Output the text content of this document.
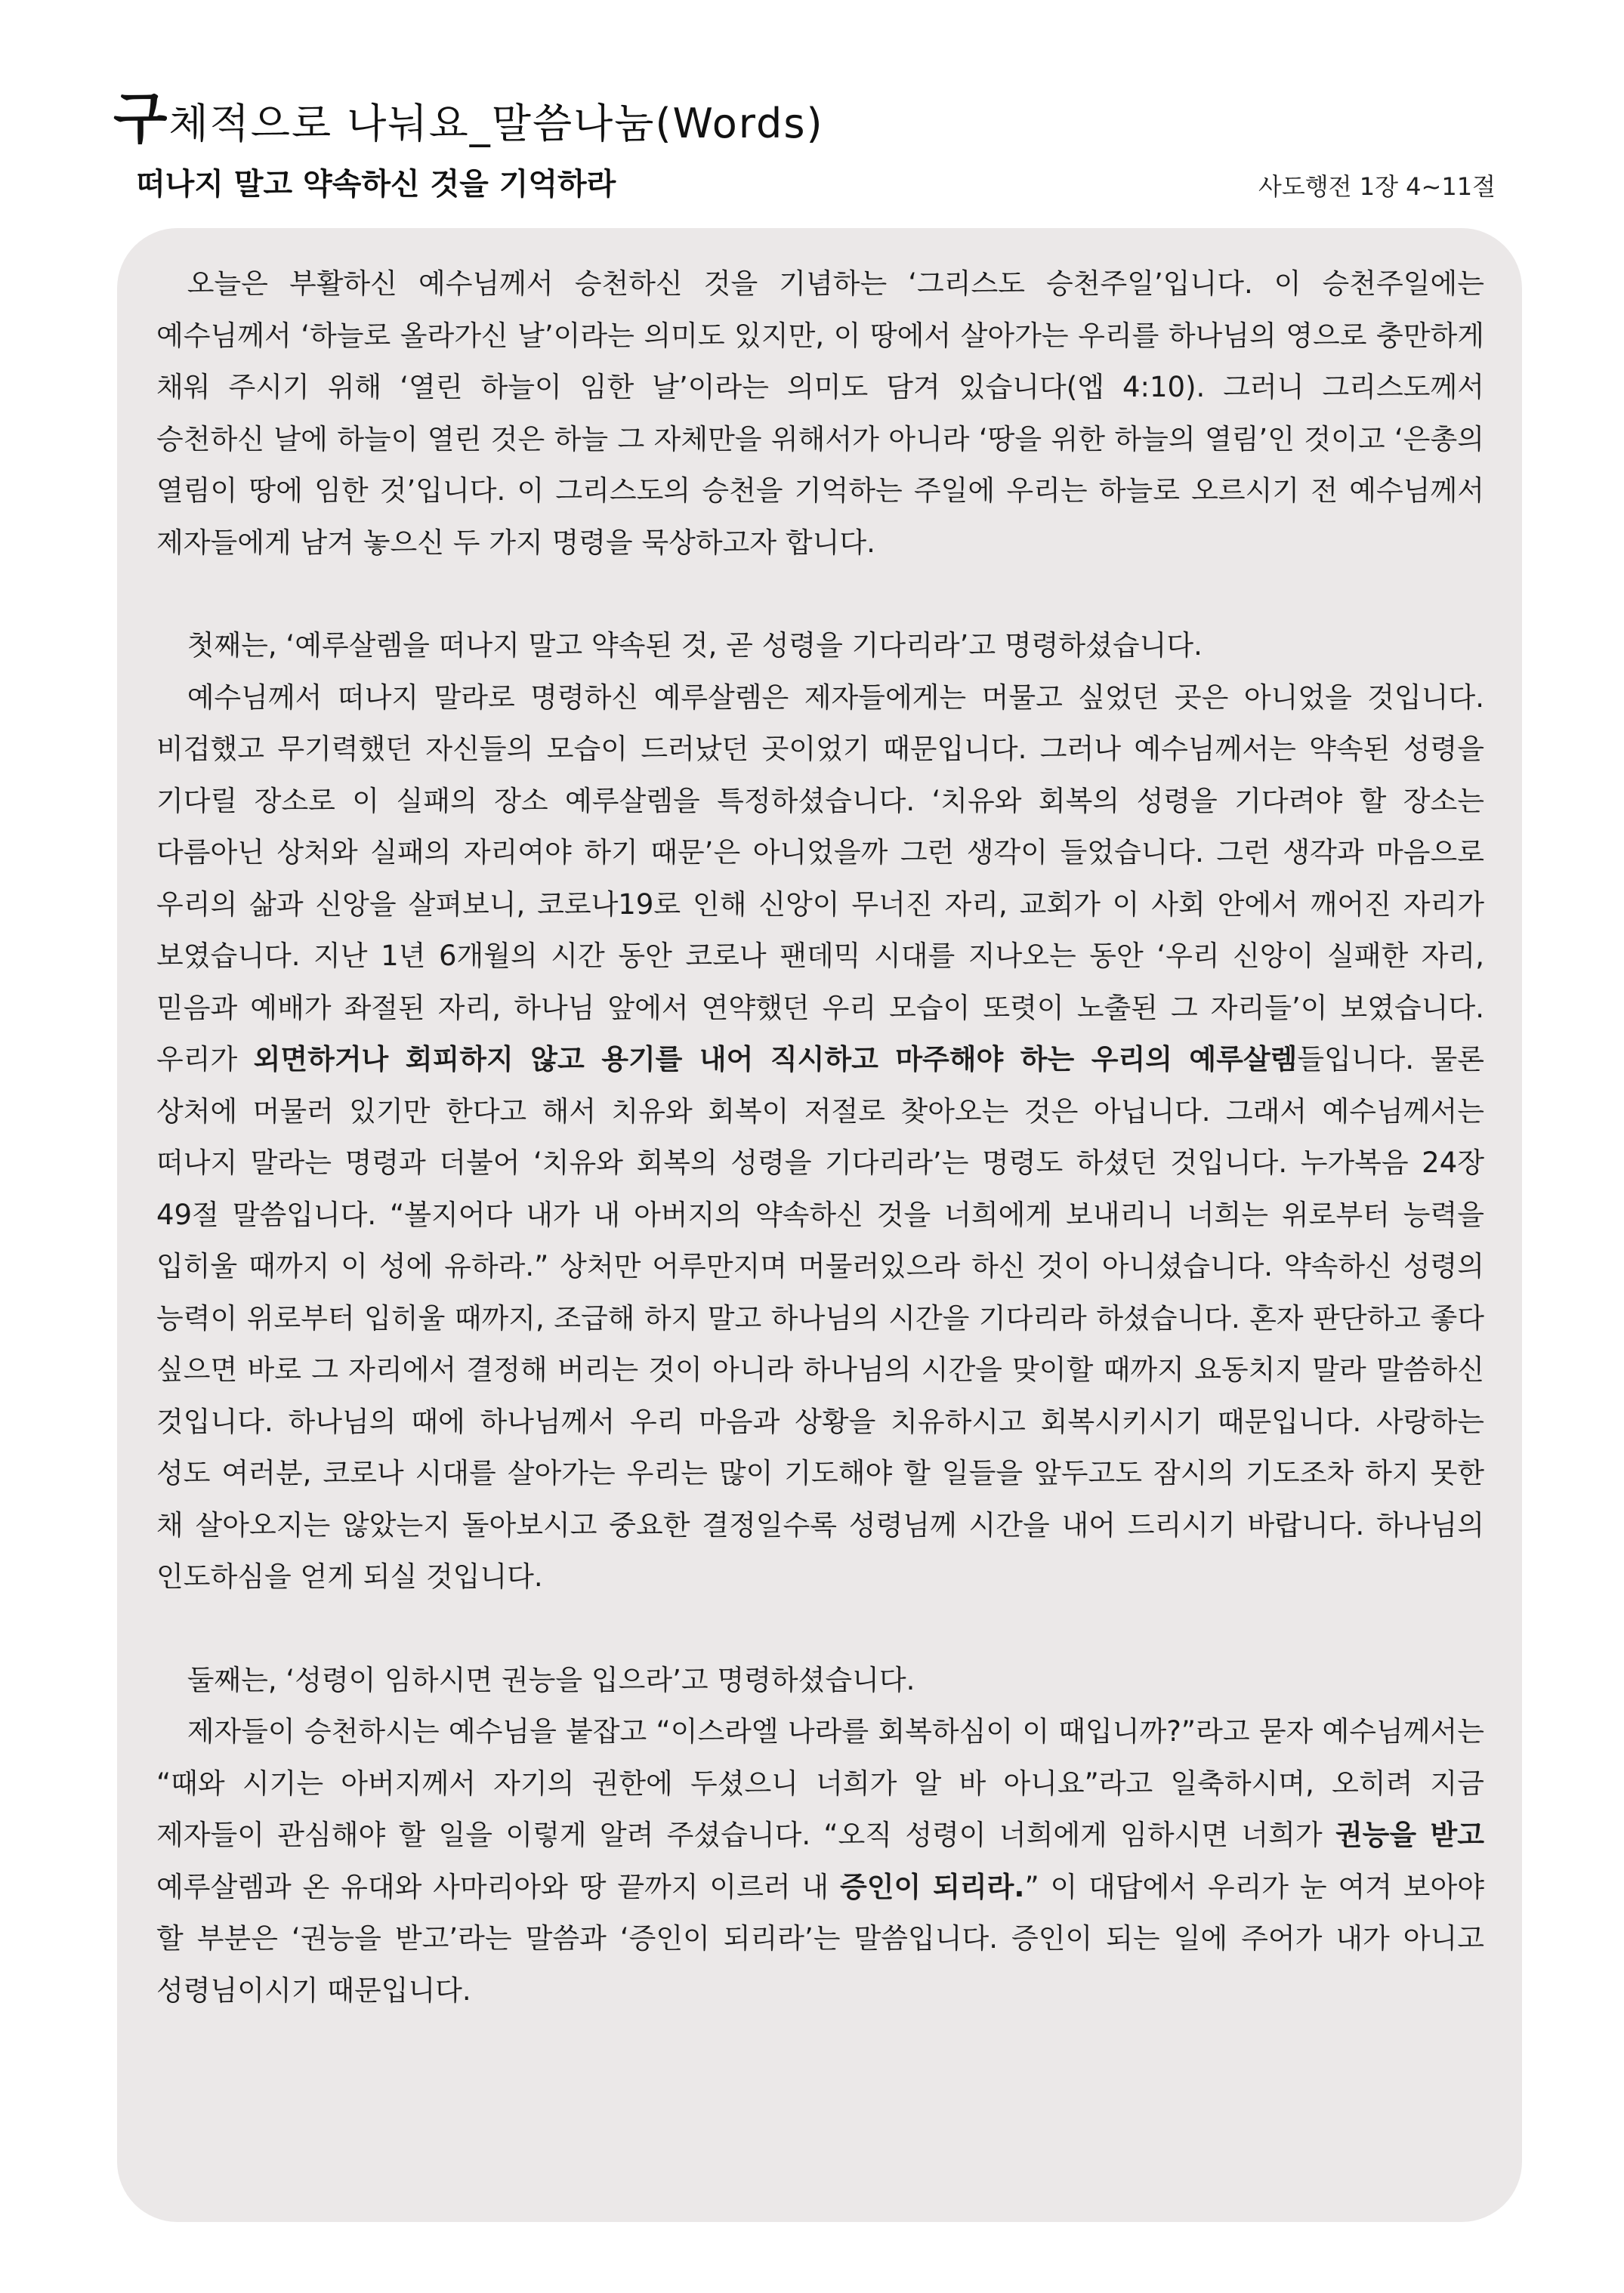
구체적으로 나눠요_말씀나눔(Words)
떠나지 말고 약속하신 것을 기억하라	사도행전 1장 4~11절

오늘은 부활하신 예수님께서 승천하신 것을 기념하는 ‘그리스도 승천주일’입니다. 이 승천주일에는 예수님께서 ‘하늘로 올라가신 날’이라는 의미도 있지만, 이 땅에서 살아가는 우리를 하나님의 영으로 충만하게 채워 주시기 위해 ‘열린 하늘이 임한 날’이라는 의미도 담겨 있습니다(엡 4:10). 그러니 그리스도께서 승천하신 날에 하늘이 열린 것은 하늘 그 자체만을 위해서가 아니라 ‘땅을 위한 하늘의 열림’인 것이고 ‘은총의 열림이 땅에 임한 것’입니다. 이 그리스도의 승천을 기억하는 주일에 우리는 하늘로 오르시기 전 예수님께서 제자들에게 남겨 놓으신 두 가지 명령을 묵상하고자 합니다.

첫째는, ‘예루살렘을 떠나지 말고 약속된 것, 곧 성령을 기다리라’고 명령하셨습니다.

예수님께서 떠나지 말라로 명령하신 예루살렘은 제자들에게는 머물고 싶었던 곳은 아니었을 것입니다. 비겁했고 무기력했던 자신들의 모습이 드러났던 곳이었기 때문입니다. 그러나 예수님께서는 약속된 성령을 기다릴 장소로 이 실패의 장소 예루살렘을 특정하셨습니다. ‘치유와 회복의 성령을 기다려야 할 장소는 다름아닌 상처와 실패의 자리여야 하기 때문’은 아니었을까 그런 생각이 들었습니다. 그런 생각과 마음으로 우리의 삶과 신앙을 살펴보니, 코로나19로 인해 신앙이 무너진 자리, 교회가 이 사회 안에서 깨어진 자리가 보였습니다. 지난 1년 6개월의 시간 동안 코로나 팬데믹 시대를 지나오는 동안 ‘우리 신앙이 실패한 자리, 믿음과 예배가 좌절된 자리, 하나님 앞에서 연약했던 우리 모습이 또렷이 노출된 그 자리들’이 보였습니다. 우리가 외면하거나 회피하지 않고 용기를 내어 직시하고 마주해야 하는 우리의 예루살렘들입니다. 물론 상처에 머물러 있기만 한다고 해서 치유와 회복이 저절로 찾아오는 것은 아닙니다. 그래서 예수님께서는 떠나지 말라는 명령과 더불어 ‘치유와 회복의 성령을 기다리라’는 명령도 하셨던 것입니다. 누가복음 24장 49절 말씀입니다. “볼지어다 내가 내 아버지의 약속하신 것을 너희에게 보내리니 너희는 위로부터 능력을 입히울 때까지 이 성에 유하라.” 상처만 어루만지며 머물러있으라 하신 것이 아니셨습니다. 약속하신 성령의 능력이 위로부터 입히울 때까지, 조급해 하지 말고 하나님의 시간을 기다리라 하셨습니다. 혼자 판단하고 좋다 싶으면 바로 그 자리에서 결정해 버리는 것이 아니라 하나님의 시간을 맞이할 때까지 요동치지 말라 말씀하신 것입니다. 하나님의 때에 하나님께서 우리 마음과 상황을 치유하시고 회복시키시기 때문입니다. 사랑하는 성도 여러분, 코로나 시대를 살아가는 우리는 많이 기도해야 할 일들을 앞두고도 잠시의 기도조차 하지 못한 채 살아오지는 않았는지 돌아보시고 중요한 결정일수록 성령님께 시간을 내어 드리시기 바랍니다. 하나님의 인도하심을 얻게 되실 것입니다.

둘째는, ‘성령이 임하시면 권능을 입으라’고 명령하셨습니다.

제자들이 승천하시는 예수님을 붙잡고 “이스라엘 나라를 회복하심이 이 때입니까?”라고 묻자 예수님께서는 “때와 시기는 아버지께서 자기의 권한에 두셨으니 너희가 알 바 아니요”라고 일축하시며, 오히려 지금 제자들이 관심해야 할 일을 이렇게 알려 주셨습니다. “오직 성령이 너희에게 임하시면 너희가 권능을 받고 예루살렘과 온 유대와 사마리아와 땅 끝까지 이르러 내 증인이 되리라.” 이 대답에서 우리가 눈 여겨 보아야 할 부분은 ‘권능을 받고’라는 말씀과 ‘증인이 되리라’는 말씀입니다. 증인이 되는 일에 주어가 내가 아니고 성령님이시기 때문입니다.
